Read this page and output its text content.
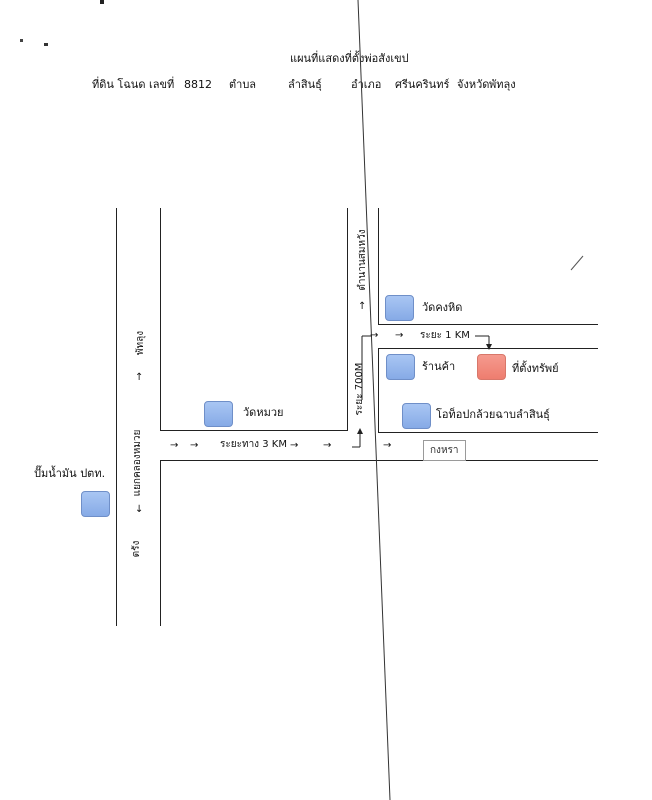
แผนที่แสดงที่ตั้งพ่อสังเขป
ที่ดิน โฉนด เลขที่ 8812 ตำบล	ลำสินธุ์	อำเภอ ศรีนครินทร์ จังหวัด พัทลุง
↑
↓
↑
→ →	→ →	→
→
→
พัทลุง
แยกคลองหมวย
ตรัง
ตำนานสมหวัง
ระยะ 700M
ระยะทาง 3 KM
ระยะ 1 KM
กงหรา
ปั๊มน้ำมัน ปตท.
วัดหมวย
วัดคงหิด
ร้านค้า	ที่ตั้งทรัพย์
โอท็อปกล้วยฉาบลำสินธุ์
